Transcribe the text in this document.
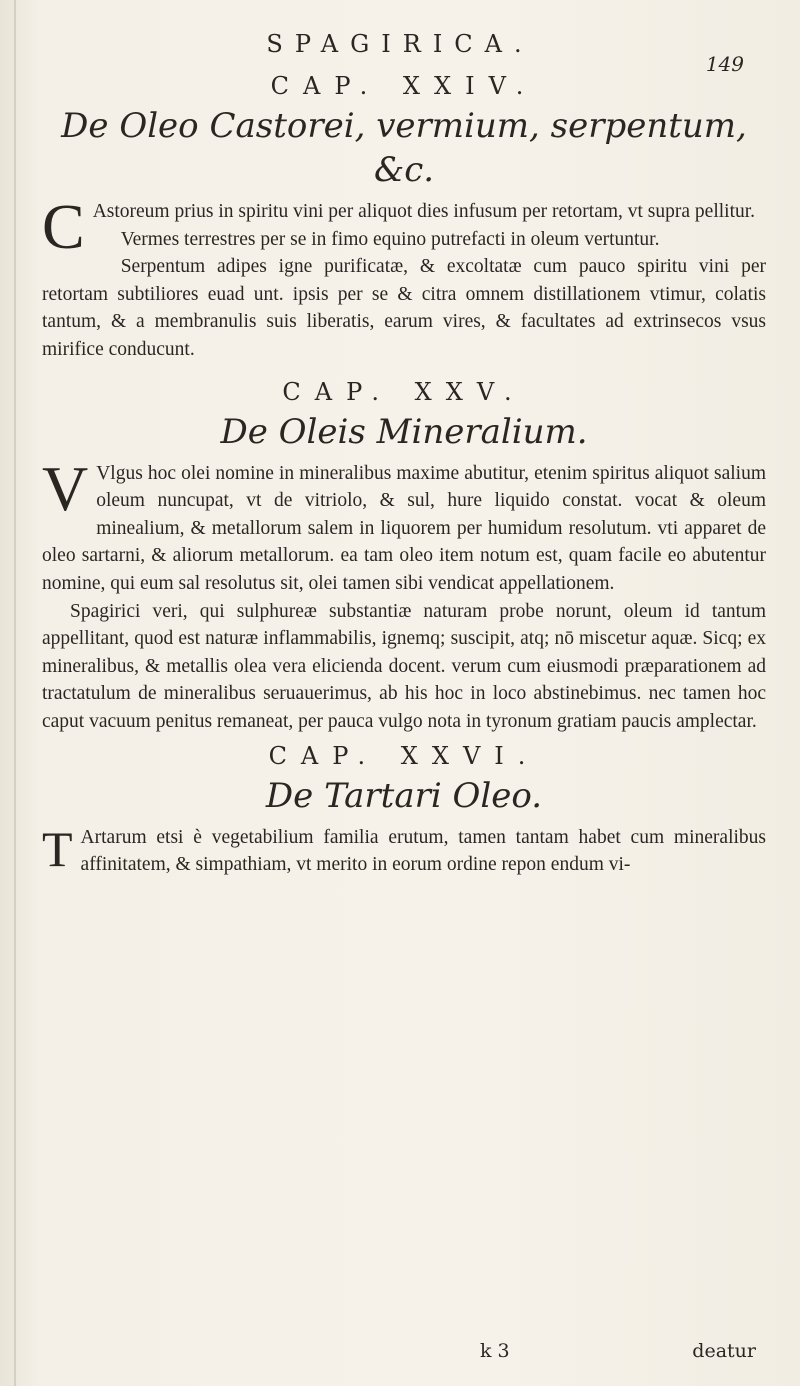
SPAGIRICA.
149
CAP. XXIV.
De Oleo Castorei, vermium, serpentum, &c.

C Astoreum prius in spiritu vini per aliquot dies infusum per retortam, vt supra pellitur.

Vermes terrestres per se in fimo equino putrefacti in oleum vertuntur.

Serpentum adipes igne purificatæ, & excoltatæ cum pauco spiritu vini per retortam subtiliores euad unt. ipsis per se & citra omnem distillationem vtimur, colatis tantum, & a membranulis suis liberatis, earum vires, & facultates ad extrinsecos vsus mirifice conducunt.

CAP. XXV.
De Oleis Mineralium.

V Vlgus hoc olei nomine in mineralibus maxime abutitur, etenim spiritus aliquot salium oleum nuncupat, vt de vitriolo, & sul, hure liquido constat. vocat & oleum minealium, & metallorum salem in liquorem per humidum resolutum. vti apparet de oleo sartarni, & aliorum metallorum. ea tam oleo item notum est, quam facile eo abutentur nomine, qui eum sal resolutus sit, olei tamen sibi vendicat appellationem.

Spagirici veri, qui sulphureæ substantiæ naturam probe norunt, oleum id tantum appellitant, quod est naturæ inflammabilis, ignemq; suscipit, atq; nō miscetur aquæ. Sicq; ex mineralibus, & metallis olea vera elicienda docent. verum cum eiusmodi præparationem ad tractatulum de mineralibus seruauerimus, ab his hoc in loco abstinebimus. nec tamen hoc caput vacuum penitus remaneat, per pauca vulgo nota in tyronum gratiam paucis amplectar.

CAP. XXVI.
De Tartari Oleo.

T Artarum etsi è vegetabilium familia erutum, tamen tantam habet cum mineralibus affinitatem, & simpathiam, vt merito in eorum ordine repon endum vi-

k 3	deatur
